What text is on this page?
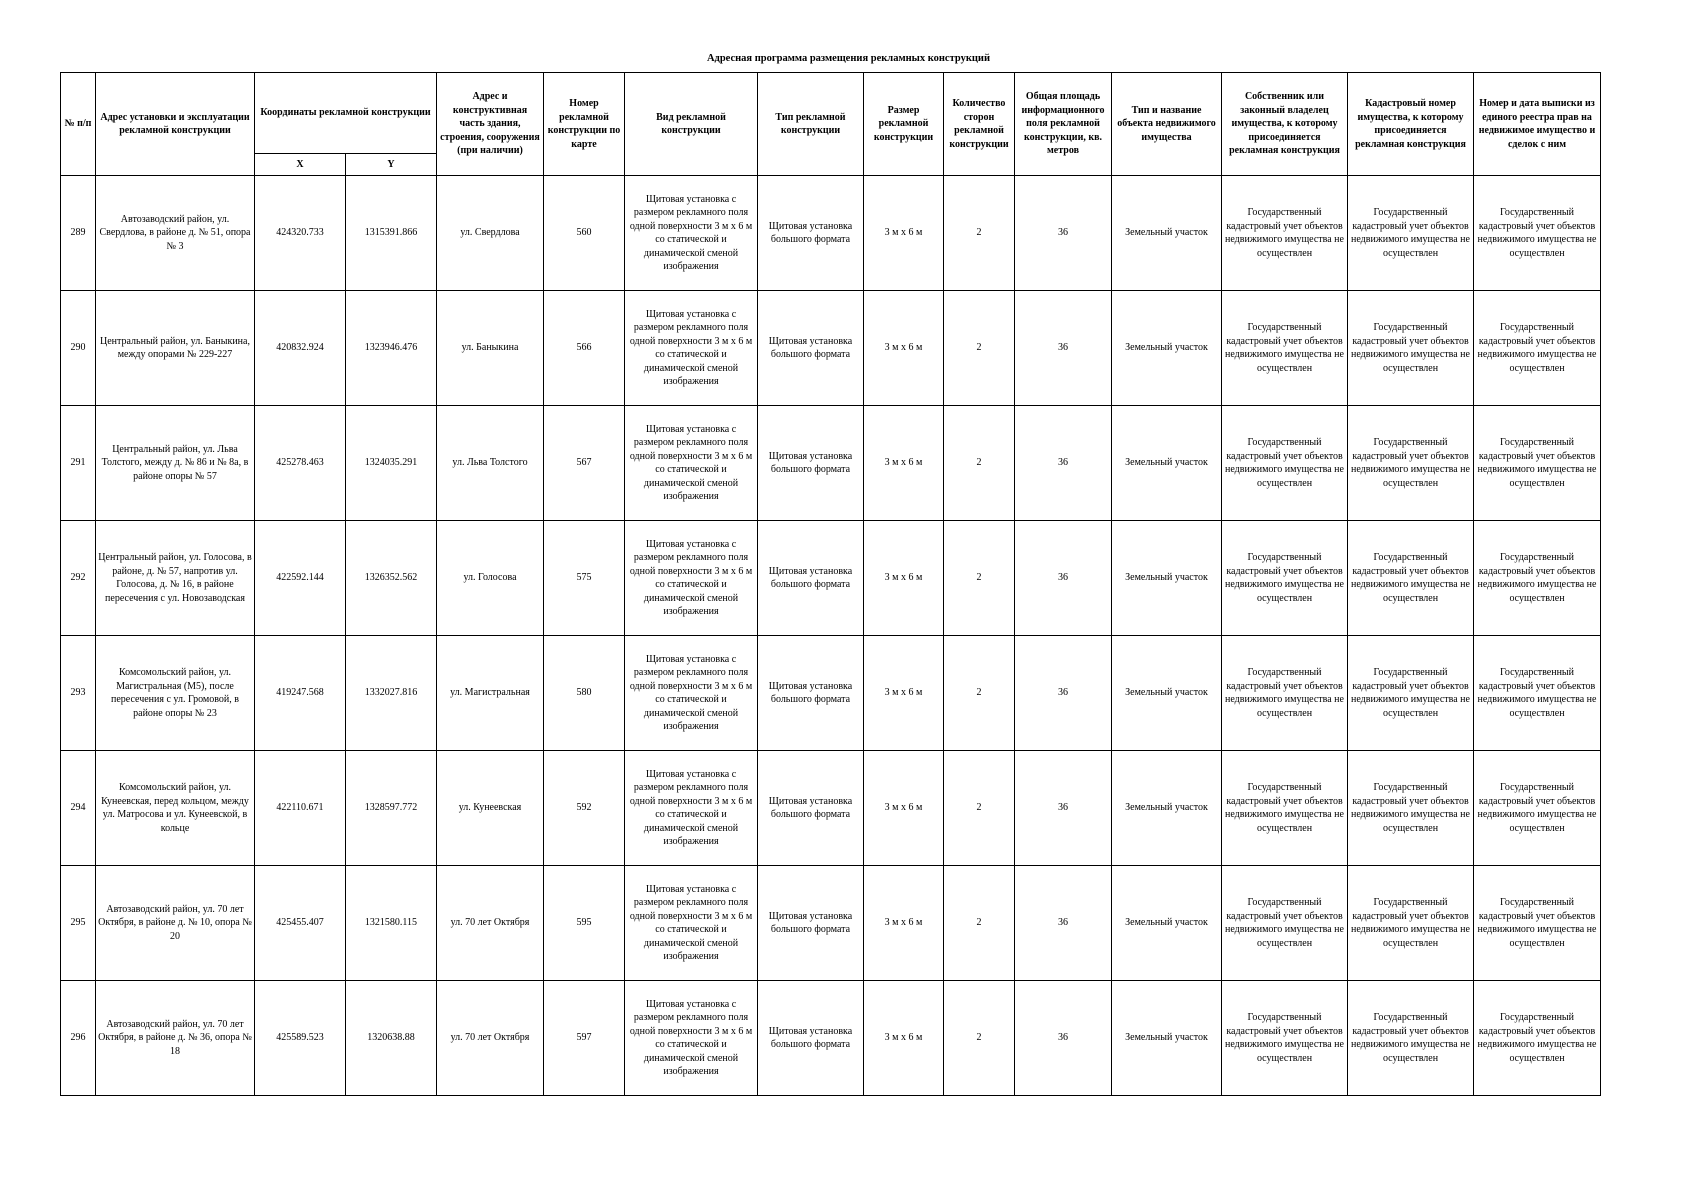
Адресная программа размещения рекламных конструкций
№ п/п	Адрес установки и эксплуатации рекламной конструкции	Координаты рекламной конструкции		Адрес и конструктивная часть здания, строения, сооружения (при наличии)	Номер рекламной конструкции по карте	Вид рекламной конструкции	Тип рекламной конструкции	Размер рекламной конструкции	Количество сторон рекламной конструкции	Общая площадь информационного поля рекламной конструкции, кв. метров	Тип и название объекта недвижимого имущества	Собственник или законный владелец имущества, к которому присоединяется рекламная конструкция	Кадастровый номер имущества, к которому присоединяется рекламная конструкция	Номер и дата выписки из единого реестра прав на недвижимое имущество и сделок с ним
		X	Y											
289	Автозаводский район, ул. Свердлова, в районе д. № 51, опора № 3	424320.733	1315391.866	ул. Свердлова	560	Щитовая установка с размером рекламного поля одной поверхности 3 м х 6 м со статической и динамической сменой изображения	Щитовая установка большого формата	3 м х 6 м	2	36	Земельный участок	Государственный кадастровый учет объектов недвижимого имущества не осуществлен	Государственный кадастровый учет объектов недвижимого имущества не осуществлен	Государственный кадастровый учет объектов недвижимого имущества не осуществлен
290	Центральный район, ул. Баныкина, между опорами № 229-227	420832.924	1323946.476	ул. Баныкина	566	Щитовая установка с размером рекламного поля одной поверхности 3 м х 6 м со статической и динамической сменой изображения	Щитовая установка большого формата	3 м х 6 м	2	36	Земельный участок	Государственный кадастровый учет объектов недвижимого имущества не осуществлен	Государственный кадастровый учет объектов недвижимого имущества не осуществлен	Государственный кадастровый учет объектов недвижимого имущества не осуществлен
291	Центральный район, ул. Льва Толстого, между д. № 86 и № 8а, в районе опоры № 57	425278.463	1324035.291	ул. Льва Толстого	567	Щитовая установка с размером рекламного поля одной поверхности 3 м х 6 м со статической и динамической сменой изображения	Щитовая установка большого формата	3 м х 6 м	2	36	Земельный участок	Государственный кадастровый учет объектов недвижимого имущества не осуществлен	Государственный кадастровый учет объектов недвижимого имущества не осуществлен	Государственный кадастровый учет объектов недвижимого имущества не осуществлен
292	Центральный район, ул. Голосова, в районе, д. № 57, напротив ул. Голосова, д. № 16, в районе пересечения с ул. Новозаводская	422592.144	1326352.562	ул. Голосова	575	Щитовая установка с размером рекламного поля одной поверхности 3 м х 6 м со статической и динамической сменой изображения	Щитовая установка большого формата	3 м х 6 м	2	36	Земельный участок	Государственный кадастровый учет объектов недвижимого имущества не осуществлен	Государственный кадастровый учет объектов недвижимого имущества не осуществлен	Государственный кадастровый учет объектов недвижимого имущества не осуществлен
293	Комсомольский район, ул. Магистральная (М5), после пересечения с ул. Громовой, в районе опоры № 23	419247.568	1332027.816	ул. Магистральная	580	Щитовая установка с размером рекламного поля одной поверхности 3 м х 6 м со статической и динамической сменой изображения	Щитовая установка большого формата	3 м х 6 м	2	36	Земельный участок	Государственный кадастровый учет объектов недвижимого имущества не осуществлен	Государственный кадастровый учет объектов недвижимого имущества не осуществлен	Государственный кадастровый учет объектов недвижимого имущества не осуществлен
294	Комсомольский район, ул. Кунеевская, перед кольцом, между ул. Матросова и ул. Кунеевской, в кольце	422110.671	1328597.772	ул. Кунеевская	592	Щитовая установка с размером рекламного поля одной поверхности 3 м х 6 м со статической и динамической сменой изображения	Щитовая установка большого формата	3 м х 6 м	2	36	Земельный участок	Государственный кадастровый учет объектов недвижимого имущества не осуществлен	Государственный кадастровый учет объектов недвижимого имущества не осуществлен	Государственный кадастровый учет объектов недвижимого имущества не осуществлен
295	Автозаводский район, ул. 70 лет Октября, в районе д. № 10, опора № 20	425455.407	1321580.115	ул. 70 лет Октября	595	Щитовая установка с размером рекламного поля одной поверхности 3 м х 6 м со статической и динамической сменой изображения	Щитовая установка большого формата	3 м х 6 м	2	36	Земельный участок	Государственный кадастровый учет объектов недвижимого имущества не осуществлен	Государственный кадастровый учет объектов недвижимого имущества не осуществлен	Государственный кадастровый учет объектов недвижимого имущества не осуществлен
296	Автозаводский район, ул. 70 лет Октября, в районе д. № 36, опора № 18	425589.523	1320638.88	ул. 70 лет Октября	597	Щитовая установка с размером рекламного поля одной поверхности 3 м х 6 м со статической и динамической сменой изображения	Щитовая установка большого формата	3 м х 6 м	2	36	Земельный участок	Государственный кадастровый учет объектов недвижимого имущества не осуществлен	Государственный кадастровый учет объектов недвижимого имущества не осуществлен	Государственный кадастровый учет объектов недвижимого имущества не осуществлен
